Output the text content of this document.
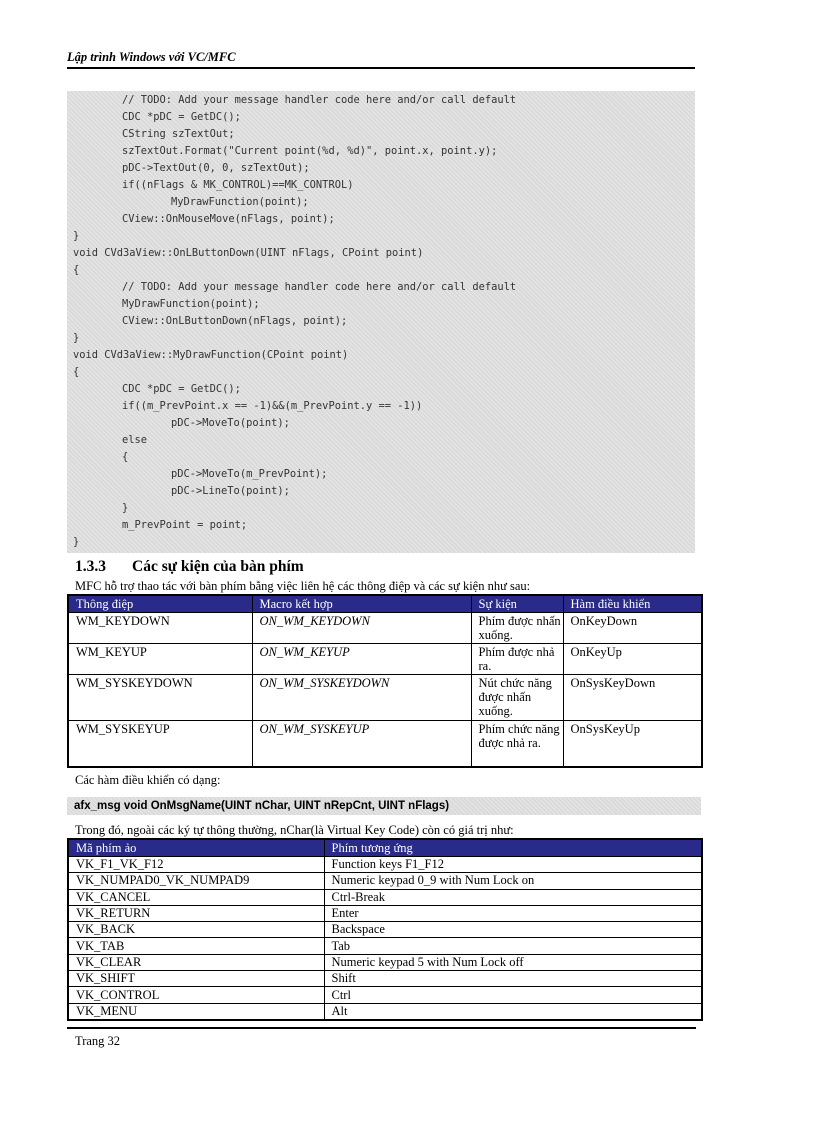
Lập trình Windows với VC/MFC
// TODO: Add your message handler code here and/or call default
CDC *pDC = GetDC();
CString szTextOut;
szTextOut.Format("Current point(%d, %d)", point.x, point.y);
pDC->TextOut(0, 0, szTextOut);
if((nFlags & MK_CONTROL)==MK_CONTROL)
MyDrawFunction(point);
CView::OnMouseMove(nFlags, point);
}
void CVd3aView::OnLButtonDown(UINT nFlags, CPoint point)
{
// TODO: Add your message handler code here and/or call default
MyDrawFunction(point);
CView::OnLButtonDown(nFlags, point);
}
void CVd3aView::MyDrawFunction(CPoint point)
{
CDC *pDC = GetDC();
if((m_PrevPoint.x == -1)&&(m_PrevPoint.y == -1))
pDC->MoveTo(point);
else
{
pDC->MoveTo(m_PrevPoint);
pDC->LineTo(point);
}
m_PrevPoint = point;
}
1.3.3 Các sự kiện của bàn phím
MFC hỗ trợ thao tác với bàn phím bằng việc liên hệ các thông điệp và các sự kiện như sau:
Thông điệp	Macro kết hợp	Sự kiện	Hàm điều khiển
WM_KEYDOWN	ON_WM_KEYDOWN	Phím được nhấn xuống.	OnKeyDown
WM_KEYUP	ON_WM_KEYUP	Phím được nhả ra.	OnKeyUp
WM_SYSKEYDOWN	ON_WM_SYSKEYDOWN	Nút chức năng được nhấn xuống.	OnSysKeyDown
WM_SYSKEYUP	ON_WM_SYSKEYUP	Phím chức năng được nhả ra.	OnSysKeyUp
Các hàm điều khiển có dạng:
afx_msg void OnMsgName(UINT nChar, UINT nRepCnt, UINT nFlags)
Trong đó, ngoài các ký tự thông thường, nChar(là Virtual Key Code) còn có giá trị như:
Mã phím ảo	Phím tương ứng
VK_F1_VK_F12	Function keys F1_F12
VK_NUMPAD0_VK_NUMPAD9	Numeric keypad 0_9 with Num Lock on
VK_CANCEL	Ctrl-Break
VK_RETURN	Enter
VK_BACK	Backspace
VK_TAB	Tab
VK_CLEAR	Numeric keypad 5 with Num Lock off
VK_SHIFT	Shift
VK_CONTROL	Ctrl
VK_MENU	Alt
Trang 32
